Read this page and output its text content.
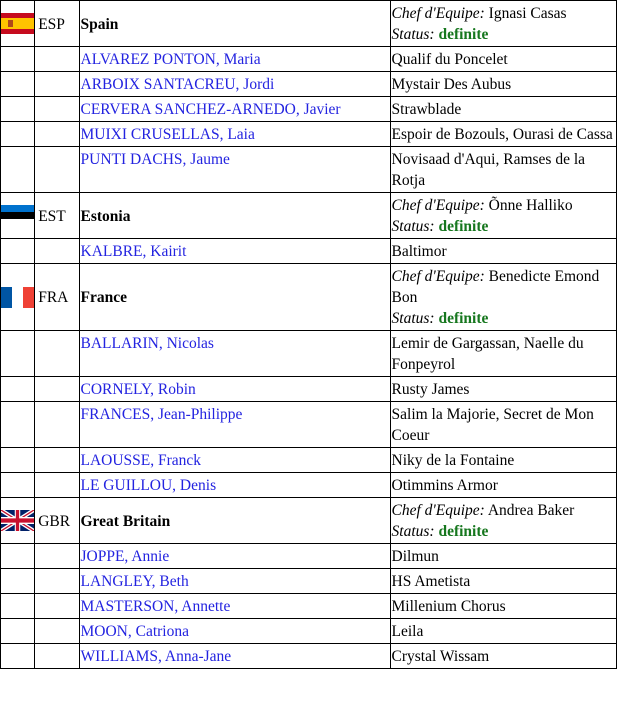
	ESP	Spain	Chef d'Equipe: Ignasi Casas
Status: definite

		ALVAREZ PONTON, Maria	Qualif du Poncelet
		ARBOIX SANTACREU, Jordi	Mystair Des Aubus
		CERVERA SANCHEZ-ARNEDO, Javier	Strawblade
		MUIXI CRUSELLAS, Laia	Espoir de Bozouls, Ourasi de Cassa
		PUNTI DACHS, Jaume	Novisaad d'Aqui, Ramses de la Rotja

	EST	Estonia	Chef d'Equipe: Õnne Halliko
Status: definite

		KALBRE, Kairit	Baltimor

	FRA	France	Chef d'Equipe: Benedicte Emond Bon
Status: definite

		BALLARIN, Nicolas	Lemir de Gargassan, Naelle du Fonpeyrol
		CORNELY, Robin	Rusty James
		FRANCES, Jean-Philippe	Salim la Majorie, Secret de Mon Coeur
		LAOUSSE, Franck	Niky de la Fontaine
		LE GUILLOU, Denis	Otimmins Armor

	GBR	Great Britain	Chef d'Equipe: Andrea Baker
Status: definite

		JOPPE, Annie	Dilmun
		LANGLEY, Beth	HS Ametista
		MASTERSON, Annette	Millenium Chorus
		MOON, Catriona	Leila
		WILLIAMS, Anna-Jane	Crystal Wissam
